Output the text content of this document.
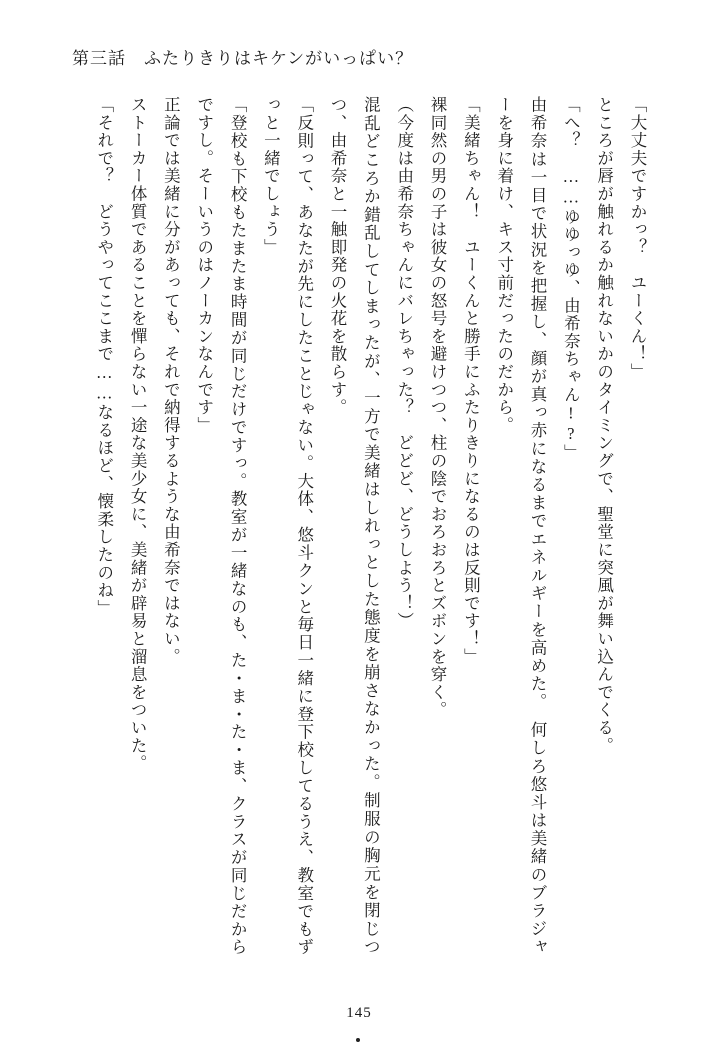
第三話 ふたりきりはキケンがいっぱい？

「大丈夫ですかっ？　ユーくん！」

ところが唇が触れるか触れないかのタイミングで、聖堂に突風が舞い込んでくる。

「へ？　……ゆゆっゆ、由希奈ちゃん!?」

由希奈は一目で状況を把握し、顔が真っ赤になるまでエネルギーを高めた。　何しろ悠斗は美緒のブラジャーを身に着け、キス寸前だったのだから。

「美緒ちゃん！　ユーくんと勝手にふたりきりになるのは反則です！」

裸同然の男の子は彼女の怒号を避けつつ、柱の陰でおろおろとズボンを穿く。

（今度は由希奈ちゃんにバレちゃった？　どどど、どうしよう！）

混乱どころか錯乱してしまったが、一方で美緒はしれっとした態度を崩さなかった。制服の胸元を閉じつつ、由希奈と一触即発の火花を散らす。

「反則って、あなたが先にしたことじゃない。大体、悠斗クンと毎日一緒に登下校してるうえ、教室でもずっと一緒でしょう」

「登校も下校もたまたま時間が同じだけですっ。教室が一緒なのも、た・ま・た・ま、クラスが同じだからですし。そーいうのはノーカンなんです」

正論では美緒に分があっても、それで納得するような由希奈ではない。

ストーカー体質であることを憚らない一途な美少女に、美緒が辟易と溜息をついた。

「それで？　どうやってここまで……なるほど、懐柔したのね」

145
